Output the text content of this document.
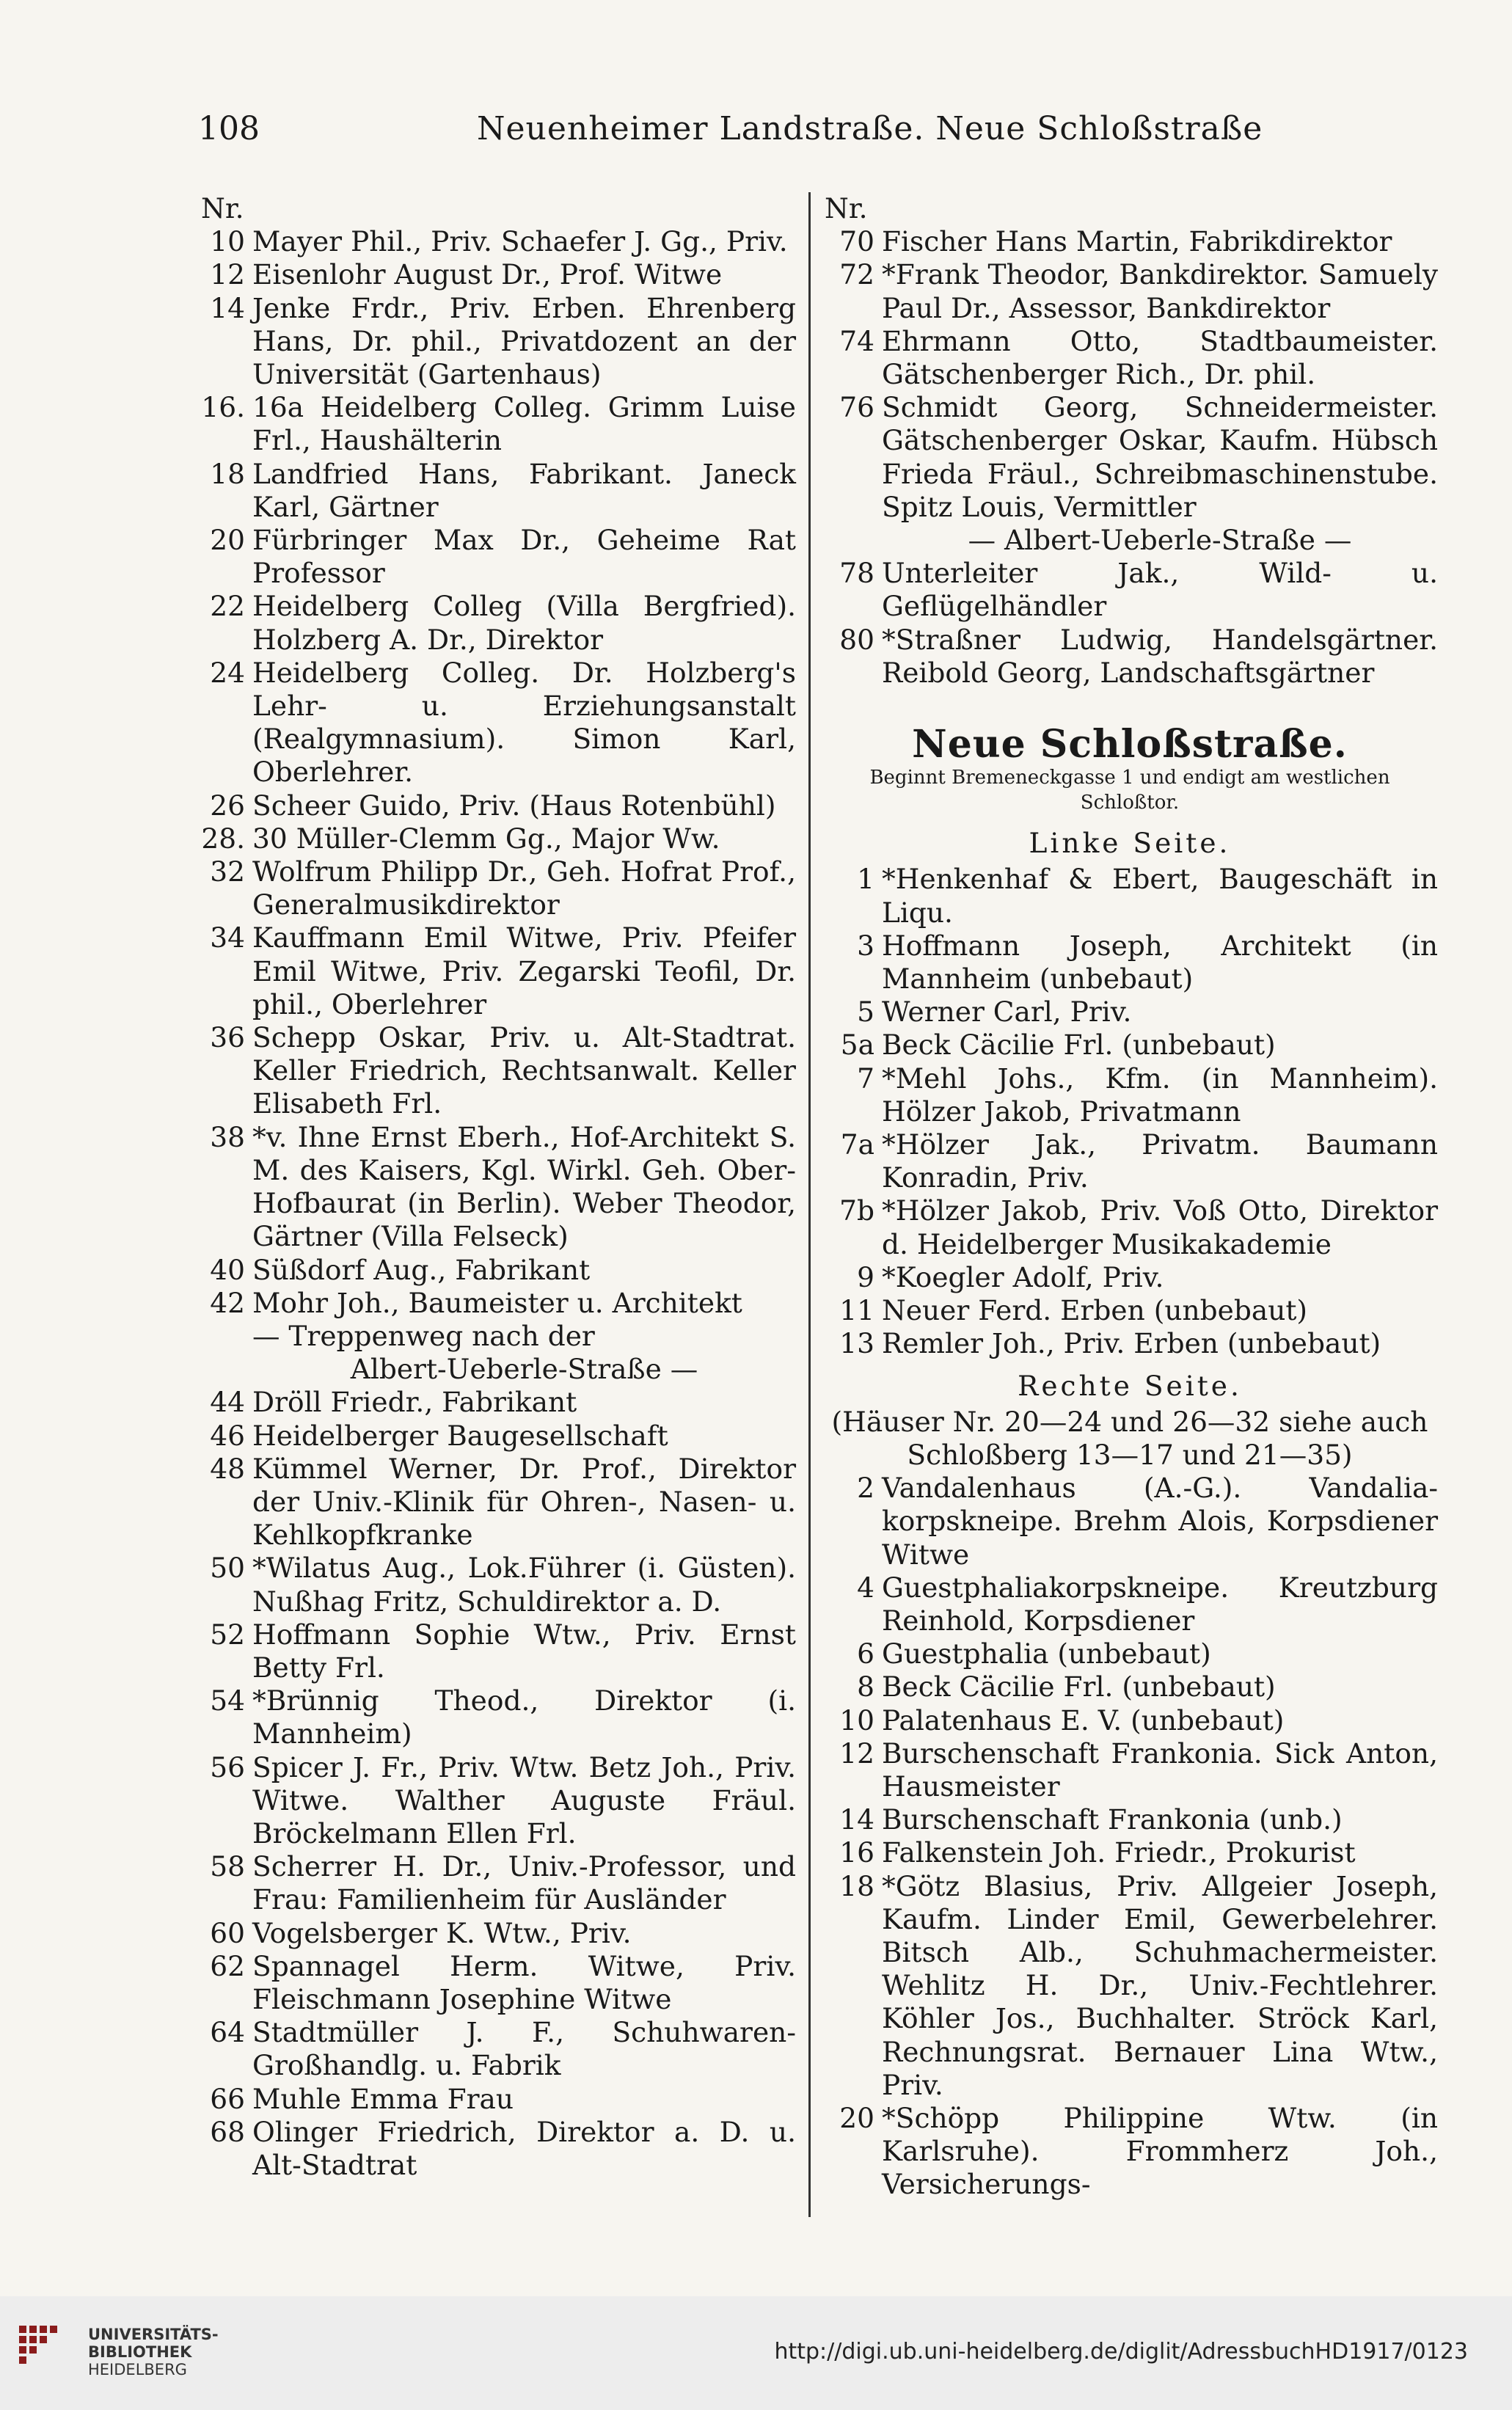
108	Neuenheimer Landstraße. Neue Schloßstraße
Nr.
10 Mayer Phil., Priv. Schaefer J. Gg., Priv.
12 Eisenlohr August Dr., Prof. Witwe
14 Jenke Frdr., Priv. Erben. Ehrenberg Hans, Dr. phil., Privatdozent an der Universität (Gartenhaus)
16. 16a Heidelberg Colleg. Grimm Luise Frl., Haushälterin
18 Landfried Hans, Fabrikant. Janeck Karl, Gärtner
20 Fürbringer Max Dr., Geheime Rat Professor
22 Heidelberg Colleg (Villa Bergfried). Holzberg A. Dr., Direktor
24 Heidelberg Colleg. Dr. Holzberg's Lehr- u. Erziehungsanstalt (Realgymnasium). Simon Karl, Oberlehrer.
26 Scheer Guido, Priv. (Haus Rotenbühl)
28. 30 Müller-Clemm Gg., Major Ww.
32 Wolfrum Philipp Dr., Geh. Hofrat Prof., Generalmusikdirektor
34 Kauffmann Emil Witwe, Priv. Pfeifer Emil Witwe, Priv. Zegarski Teofil, Dr. phil., Oberlehrer
36 Schepp Oskar, Priv. u. Alt-Stadtrat. Keller Friedrich, Rechtsanwalt. Keller Elisabeth Frl.
38 *v. Ihne Ernst Eberh., Hof-Architekt S. M. des Kaisers, Kgl. Wirkl. Geh. Ober-Hofbaurat (in Berlin). Weber Theodor, Gärtner (Villa Felseck)
40 Süßdorf Aug., Fabrikant
42 Mohr Joh., Baumeister u. Architekt
— Treppenweg nach der
Albert-Ueberle-Straße —
44 Dröll Friedr., Fabrikant
46 Heidelberger Baugesellschaft
48 Kümmel Werner, Dr. Prof., Direktor der Univ.-Klinik für Ohren-, Nasen- u. Kehlkopfkranke
50 *Wilatus Aug., Lok.Führer (i. Güsten). Nußhag Fritz, Schuldirektor a. D.
52 Hoffmann Sophie Wtw., Priv. Ernst Betty Frl.
54 *Brünnig Theod., Direktor (i. Mannheim)
56 Spicer J. Fr., Priv. Wtw. Betz Joh., Priv. Witwe. Walther Auguste Fräul. Bröckelmann Ellen Frl.
58 Scherrer H. Dr., Univ.-Professor, und Frau: Familienheim für Ausländer
60 Vogelsberger K. Wtw., Priv.
62 Spannagel Herm. Witwe, Priv. Fleischmann Josephine Witwe
64 Stadtmüller J. F., Schuhwaren-Großhandlg. u. Fabrik
66 Muhle Emma Frau
68 Olinger Friedrich, Direktor a. D. u. Alt-Stadtrat
Nr.
70 Fischer Hans Martin, Fabrikdirektor
72 *Frank Theodor, Bankdirektor. Samuely Paul Dr., Assessor, Bankdirektor
74 Ehrmann Otto, Stadtbaumeister. Gätschenberger Rich., Dr. phil.
76 Schmidt Georg, Schneidermeister. Gätschenberger Oskar, Kaufm. Hübsch Frieda Fräul., Schreibmaschinenstube. Spitz Louis, Vermittler
— Albert-Ueberle-Straße —
78 Unterleiter Jak., Wild- u. Geflügelhändler
80 *Straßner Ludwig, Handelsgärtner. Reibold Georg, Landschaftsgärtner
Neue Schloßstraße.
Beginnt Bremeneckgasse 1 und endigt am westlichen Schloßtor.
Linke Seite.
1 *Henkenhaf & Ebert, Baugeschäft in Liqu.
3 Hoffmann Joseph, Architekt (in Mannheim (unbebaut)
5 Werner Carl, Priv.
5a Beck Cäcilie Frl. (unbebaut)
7 *Mehl Johs., Kfm. (in Mannheim). Hölzer Jakob, Privatmann
7a *Hölzer Jak., Privatm. Baumann Konradin, Priv.
7b *Hölzer Jakob, Priv. Voß Otto, Direktor d. Heidelberger Musikakademie
9 *Koegler Adolf, Priv.
11 Neuer Ferd. Erben (unbebaut)
13 Remler Joh., Priv. Erben (unbebaut)
Rechte Seite.
(Häuser Nr. 20—24 und 26—32 siehe auch Schloßberg 13—17 und 21—35)
2 Vandalenhaus (A.-G.). Vandalia-korpskneipe. Brehm Alois, Korpsdiener Witwe
4 Guestphaliakorpskneipe. Kreutzburg Reinhold, Korpsdiener
6 Guestphalia (unbebaut)
8 Beck Cäcilie Frl. (unbebaut)
10 Palatenhaus E. V. (unbebaut)
12 Burschenschaft Frankonia. Sick Anton, Hausmeister
14 Burschenschaft Frankonia (unb.)
16 Falkenstein Joh. Friedr., Prokurist
18 *Götz Blasius, Priv. Allgeier Joseph, Kaufm. Linder Emil, Gewerbelehrer. Bitsch Alb., Schuhmachermeister. Wehlitz H. Dr., Univ.-Fechtlehrer. Köhler Jos., Buchhalter. Ströck Karl, Rechnungsrat. Bernauer Lina Wtw., Priv.
20 *Schöpp Philippine Wtw. (in Karlsruhe). Frommherz Joh., Versicherungs-
UNIVERSITÄTS-
BIBLIOTHEK
HEIDELBERG
http://digi.ub.uni-heidelberg.de/diglit/AdressbuchHD1917/0123
